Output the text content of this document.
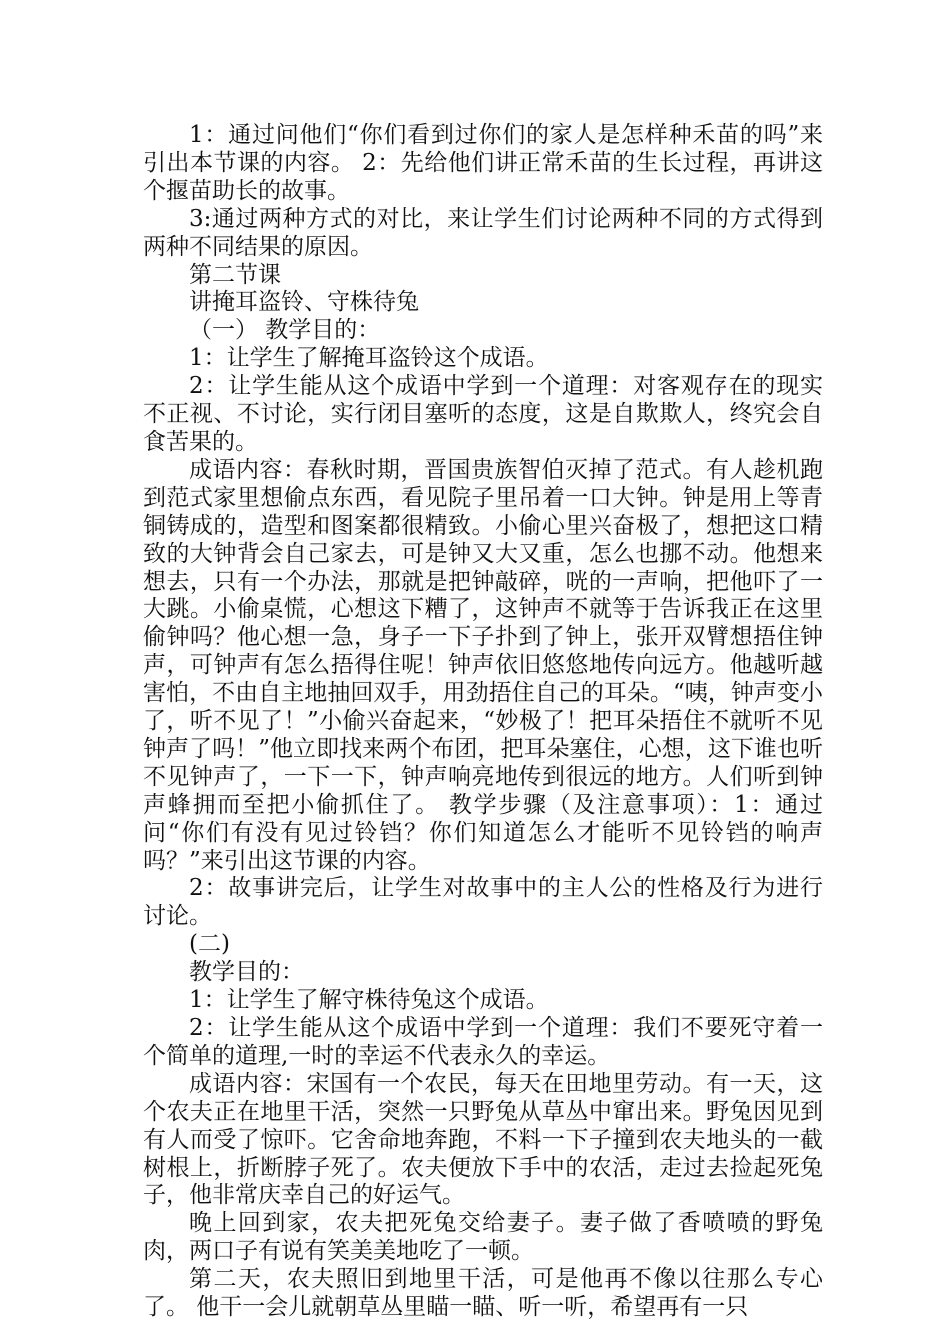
1：通过问他们“你们看到过你们的家人是怎样种禾苗的吗”来引出本节课的内容。 2：先给他们讲正常禾苗的生长过程，再讲这个揠苗助长的故事。

3:通过两种方式的对比，来让学生们讨论两种不同的方式得到两种不同结果的原因。

第二节课

讲掩耳盗铃、守株待兔

（一） 教学目的：

1：让学生了解掩耳盗铃这个成语。

2：让学生能从这个成语中学到一个道理：对客观存在的现实不正视、不讨论，实行闭目塞听的态度，这是自欺欺人，终究会自食苦果的。

成语内容：春秋时期，晋国贵族智伯灭掉了范式。有人趁机跑到范式家里想偷点东西，看见院子里吊着一口大钟。钟是用上等青铜铸成的，造型和图案都很精致。小偷心里兴奋极了，想把这口精致的大钟背会自己家去，可是钟又大又重，怎么也挪不动。他想来想去，只有一个办法，那就是把钟敲碎，咣的一声响，把他吓了一大跳。小偷桌慌，心想这下糟了，这钟声不就等于告诉我正在这里偷钟吗？他心想一急，身子一下子扑到了钟上，张开双臂想捂住钟声，可钟声有怎么捂得住呢！钟声依旧悠悠地传向远方。他越听越害怕，不由自主地抽回双手，用劲捂住自己的耳朵。“咦，钟声变小了，听不见了！”小偷兴奋起来，“妙极了！把耳朵捂住不就听不见钟声了吗！”他立即找来两个布团，把耳朵塞住，心想，这下谁也听不见钟声了，一下一下，钟声响亮地传到很远的地方。人们听到钟声蜂拥而至把小偷抓住了。 教学步骤（及注意事项）：1：通过问“你们有没有见过铃铛？你们知道怎么才能听不见铃铛的响声吗？”来引出这节课的内容。

2：故事讲完后，让学生对故事中的主人公的性格及行为进行讨论。

(二)

教学目的：

1：让学生了解守株待兔这个成语。

2：让学生能从这个成语中学到一个道理：我们不要死守着一个简单的道理,一时的幸运不代表永久的幸运。

成语内容：宋国有一个农民，每天在田地里劳动。有一天，这个农夫正在地里干活，突然一只野兔从草丛中窜出来。野兔因见到有人而受了惊吓。它舍命地奔跑，不料一下子撞到农夫地头的一截树根上，折断脖子死了。农夫便放下手中的农活，走过去捡起死兔子，他非常庆幸自己的好运气。

晚上回到家，农夫把死兔交给妻子。妻子做了香喷喷的野兔肉，两口子有说有笑美美地吃了一顿。

第二天，农夫照旧到地里干活，可是他再不像以往那么专心了。 他干一会儿就朝草丛里瞄一瞄、听一听，希望再有一只
